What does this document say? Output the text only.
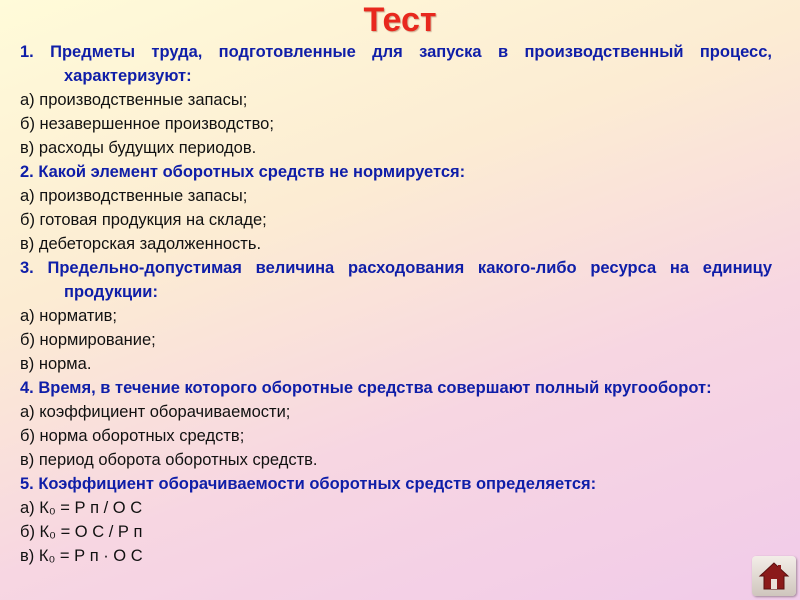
Тест
1. Предметы труда, подготовленные для запуска в производственный процесс, характеризуют:
а) производственные запасы;
б) незавершенное производство;
в) расходы будущих периодов.
2. Какой элемент оборотных средств не нормируется:
а) производственные запасы;
б) готовая продукция на складе;
в) дебеторская задолженность.
3. Предельно-допустимая величина расходования какого-либо ресурса на единицу продукции:
а) норматив;
б) нормирование;
в) норма.
4. Время, в течение которого оборотные средства совершают полный кругооборот:
а) коэффициент оборачиваемости;
б) норма оборотных средств;
в) период оборота оборотных средств.
5. Коэффициент оборачиваемости оборотных средств определяется:
а) К₀ = Р п / О С
б) К₀ = О С / Р п
в) К₀ = Р п · О С
